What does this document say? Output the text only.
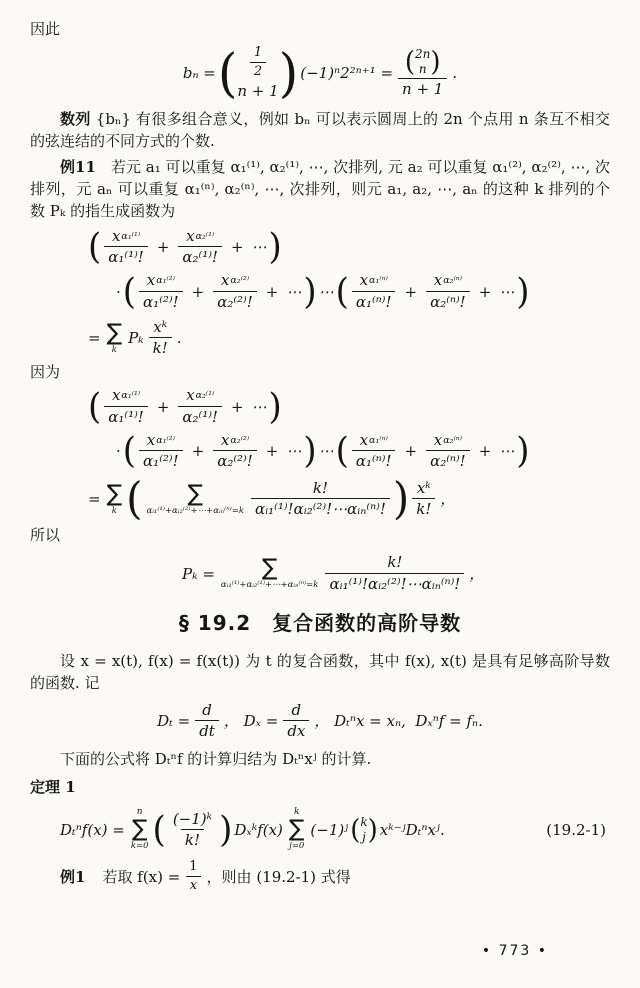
因此

bₙ = ( $\frac{1}{2}$
n + 1 ) (−1)ⁿ2²ⁿ⁺¹ = ( 2n
n )
n + 1 .

数列 {bₙ} 有很多组合意义，例如 bₙ 可以表示圆周上的 2n 个点用 n 条互不相交的弦连结的不同方式的个数.

例11　若元 a₁ 可以重复 α₁⁽¹⁾, α₂⁽¹⁾, ⋯, 次排列, 元 a₂ 可以重复 α₁⁽²⁾, α₂⁽²⁾, ⋯, 次排列，元 aₙ 可以重复 α₁⁽ⁿ⁾, α₂⁽ⁿ⁾, ⋯, 次排列，则元 a₁, a₂, ⋯, aₙ 的这种 k 排列的个数 Pₖ 的指生成函数为

( $\frac{\text{x α₁⁽¹⁾}}{\text{α₁⁽¹⁾!}} + \frac{\text{x α₂⁽¹⁾}}{\text{α₂⁽¹⁾!}}$ + ⋯ )
· ( $\frac{\text{x α₁⁽²⁾}}{\text{α₁⁽²⁾!}} + \frac{\text{x α₂⁽²⁾}}{\text{α₂⁽²⁾!}}$ + ⋯ ) ⋯ ( $\frac{\text{x α₁⁽ⁿ⁾}}{\text{α₁⁽ⁿ⁾!}} + \frac{\text{x α₂⁽ⁿ⁾}}{\text{α₂⁽ⁿ⁾!}}$ + ⋯ )
= ∑
k
Pₖ $\frac{\text{xᵏ}}{k!}$ .

因为

( $\frac{\text{x α₁⁽¹⁾}}{\text{α₁⁽¹⁾!}} + \frac{\text{x α₂⁽¹⁾}}{\text{α₂⁽¹⁾!}}$ + ⋯ )
· ( $\frac{\text{x α₁⁽²⁾}}{\text{α₁⁽²⁾!}} + \frac{\text{x α₂⁽²⁾}}{\text{α₂⁽²⁾!}}$ + ⋯ ) ⋯ ( $\frac{\text{x α₁⁽ⁿ⁾}}{\text{α₁⁽ⁿ⁾!}} + \frac{\text{x α₂⁽ⁿ⁾}}{\text{α₂⁽ⁿ⁾!}}$ + ⋯ )
= ∑
k ( ∑
αᵢ₁⁽¹⁾+αᵢ₂⁽²⁾+⋯+αᵢₙ⁽ⁿ⁾=k $\frac{k!}{\text{αᵢ₁⁽¹⁾!αᵢ₂⁽²⁾!⋯αᵢₙ⁽ⁿ⁾!}}$ ) $\frac{\text{xᵏ}}{k!}$ ，

所以

Pₖ = ∑
αᵢ₁⁽¹⁾+αᵢ₂⁽¹⁾+⋯+αᵢₙ⁽ⁿ⁾=k $\frac{k!}{\text{αᵢ₁⁽¹⁾!αᵢ₂⁽²⁾!⋯αᵢₙ⁽ⁿ⁾!}}$ ，
§ 19.2　 复合函数的高阶导数

设 x = x(t), f(x) = f(x(t)) 为 t 的复合函数，其中 f(x), x(t) 是具有足够高阶导数的函数. 记

$D_t = \frac{d}{dt}$ ， $D_x = \frac{d}{dx}$ ， Dₜⁿx = xₙ,  Dₓⁿf = fₙ.

下面的公式将 Dₜⁿf 的计算归结为 Dₜⁿxʲ 的计算.

定理 1

Dₜⁿf(x) =
n
∑
k=0 ( $\frac{\text{(−1)ᵏ}}{k!}$ ) Dₓᵏf(x)
k
∑
j=0
(−1)ʲ ( k
j ) xᵏ⁻ʲDₜⁿxʲ.	(19.2-1)
例1 　若取 $f(x) = \frac{1}{x}$ ，则由 (19.2-1) 式得
• 773 •
